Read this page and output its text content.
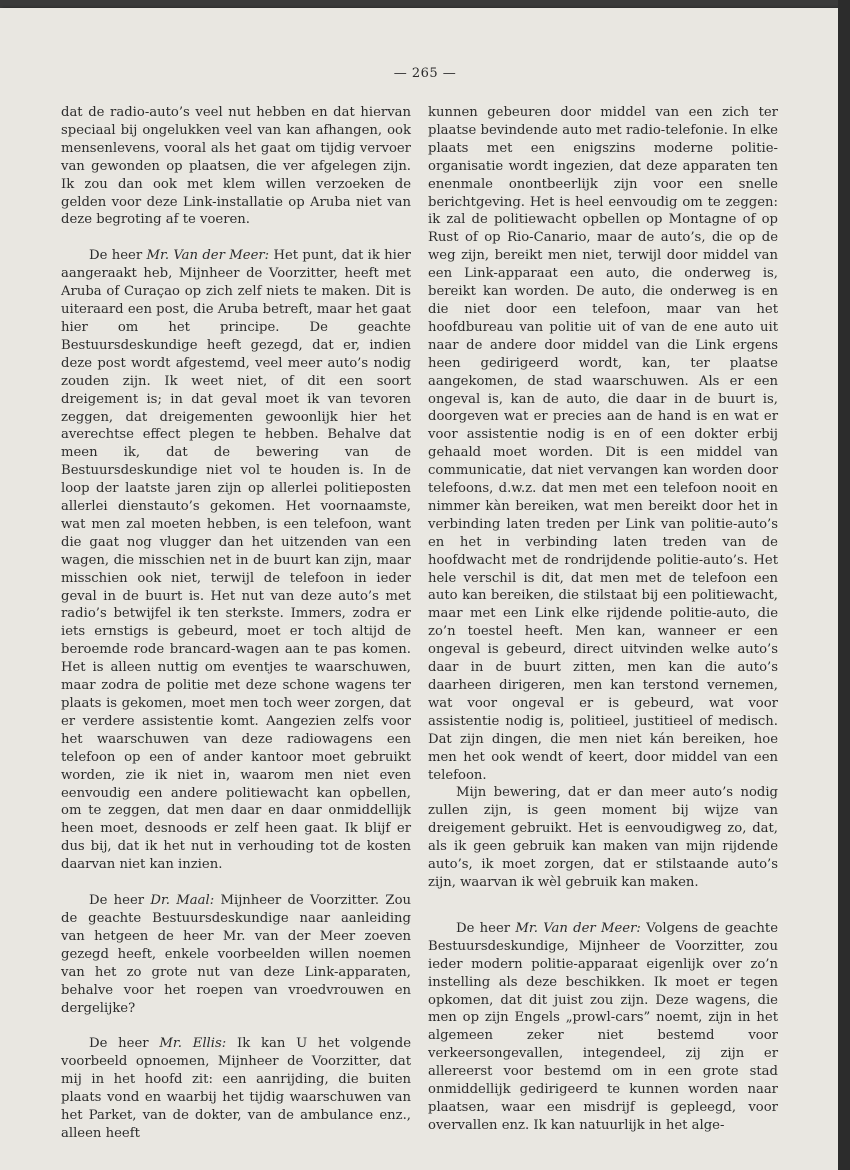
— 265 —

dat de radio-auto’s veel nut hebben en dat hiervan speciaal bij ongelukken veel van kan afhangen, ook mensenlevens, vooral als het gaat om tijdig vervoer van gewonden op plaatsen, die ver afgelegen zijn. Ik zou dan ook met klem willen verzoeken de gelden voor deze Link-installatie op Aruba niet van deze begroting af te voeren.

De heer Mr. Van der Meer: Het punt, dat ik hier aangeraakt heb, Mijnheer de Voorzitter, heeft met Aruba of Curaçao op zich zelf niets te maken. Dit is uiteraard een post, die Aruba betreft, maar het gaat hier om het principe. De geachte Bestuursdeskundige heeft gezegd, dat er, indien deze post wordt afgestemd, veel meer auto’s nodig zouden zijn. Ik weet niet, of dit een soort dreigement is; in dat geval moet ik van tevoren zeggen, dat dreigementen gewoonlijk hier het averechtse effect plegen te hebben. Behalve dat meen ik, dat de bewering van de Bestuursdeskundige niet vol te houden is. In de loop der laatste jaren zijn op allerlei politieposten allerlei dienstauto’s gekomen. Het voornaamste, wat men zal moeten hebben, is een telefoon, want die gaat nog vlugger dan het uitzenden van een wagen, die misschien net in de buurt kan zijn, maar misschien ook niet, terwijl de telefoon in ieder geval in de buurt is. Het nut van deze auto’s met radio’s betwijfel ik ten sterkste. Immers, zodra er iets ernstigs is gebeurd, moet er toch altijd de beroemde rode brancard-wagen aan te pas komen. Het is alleen nuttig om eventjes te waarschuwen, maar zodra de politie met deze schone wagens ter plaats is gekomen, moet men toch weer zorgen, dat er verdere assistentie komt. Aangezien zelfs voor het waarschuwen van deze radiowagens een telefoon op een of ander kantoor moet gebruikt worden, zie ik niet in, waarom men niet even eenvoudig een andere politiewacht kan opbellen, om te zeggen, dat men daar en daar onmiddellijk heen moet, desnoods er zelf heen gaat. Ik blijf er dus bij, dat ik het nut in verhouding tot de kosten daarvan niet kan inzien.

De heer Dr. Maal: Mijnheer de Voorzitter. Zou de geachte Bestuursdeskundige naar aanleiding van hetgeen de heer Mr. van der Meer zoeven gezegd heeft, enkele voorbeelden willen noemen van het zo grote nut van deze Link-apparaten, behalve voor het roepen van vroedvrouwen en dergelijke?

De heer Mr. Ellis: Ik kan U het volgende voorbeeld opnoemen, Mijnheer de Voorzitter, dat mij in het hoofd zit: een aanrijding, die buiten plaats vond en waarbij het tijdig waarschuwen van het Parket, van de dokter, van de ambulance enz., alleen heeft

kunnen gebeuren door middel van een zich ter plaatse bevindende auto met radio-telefonie. In elke plaats met een enigszins moderne politie-organisatie wordt ingezien, dat deze apparaten ten enenmale onontbeerlijk zijn voor een snelle berichtgeving. Het is heel eenvoudig om te zeggen: ik zal de politiewacht opbellen op Montagne of op Rust of op Rio-Canario, maar de auto’s, die op de weg zijn, bereikt men niet, terwijl door middel van een Link-apparaat een auto, die onderweg is, bereikt kan worden. De auto, die onderweg is en die niet door een telefoon, maar van het hoofdbureau van politie uit of van de ene auto uit naar de andere door middel van die Link ergens heen gedirigeerd wordt, kan, ter plaatse aangekomen, de stad waarschuwen. Als er een ongeval is, kan de auto, die daar in de buurt is, doorgeven wat er precies aan de hand is en wat er voor assistentie nodig is en of een dokter erbij gehaald moet worden. Dit is een middel van communicatie, dat niet vervangen kan worden door telefoons, d.w.z. dat men met een telefoon nooit en nimmer kàn bereiken, wat men bereikt door het in verbinding laten treden per Link van politie-auto’s en het in verbinding laten treden van de hoofdwacht met de rondrijdende politie-auto’s. Het hele verschil is dit, dat men met de telefoon een auto kan bereiken, die stilstaat bij een politiewacht, maar met een Link elke rijdende politie-auto, die zo’n toestel heeft. Men kan, wanneer er een ongeval is gebeurd, direct uitvinden welke auto’s daar in de buurt zitten, men kan die auto’s daarheen dirigeren, men kan terstond vernemen, wat voor ongeval er is gebeurd, wat voor assistentie nodig is, politieel, justitieel of medisch. Dat zijn dingen, die men niet kán bereiken, hoe men het ook wendt of keert, door middel van een telefoon.

Mijn bewering, dat er dan meer auto’s nodig zullen zijn, is geen moment bij wijze van dreigement gebruikt. Het is eenvoudigweg zo, dat, als ik geen gebruik kan maken van mijn rijdende auto’s, ik moet zorgen, dat er stilstaande auto’s zijn, waarvan ik wèl gebruik kan maken.

De heer Mr. Van der Meer: Volgens de geachte Bestuursdeskundige, Mijnheer de Voorzitter, zou ieder modern politie-apparaat eigenlijk over zo’n instelling als deze beschikken. Ik moet er tegen opkomen, dat dit juist zou zijn. Deze wagens, die men op zijn Engels „prowl-cars” noemt, zijn in het algemeen zeker niet bestemd voor verkeersongevallen, integendeel, zij zijn er allereerst voor bestemd om in een grote stad onmiddellijk gedirigeerd te kunnen worden naar plaatsen, waar een misdrijf is gepleegd, voor overvallen enz. Ik kan natuurlijk in het alge-
